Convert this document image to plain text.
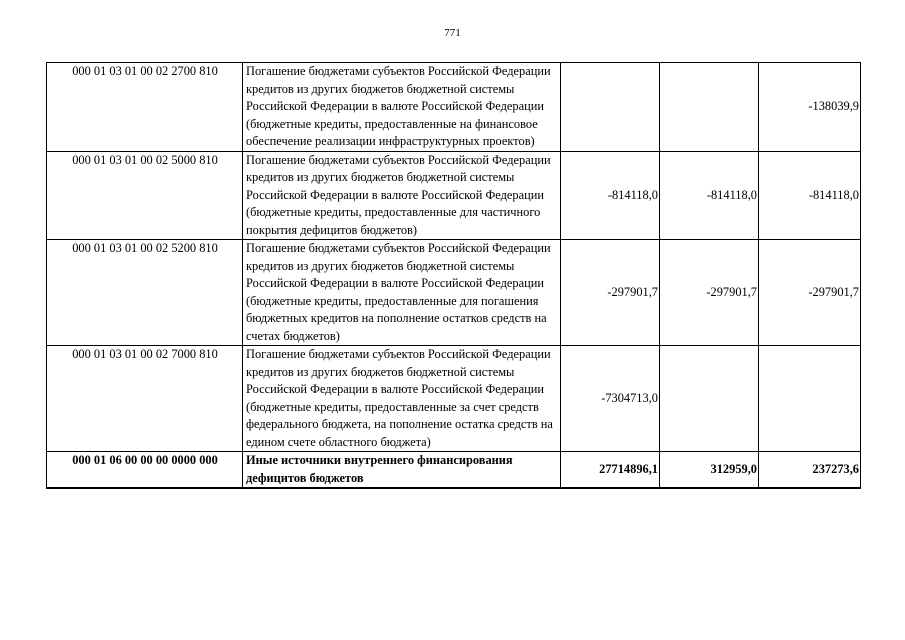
771
000 01 03 01 00 02 2700 810	Погашение бюджетами субъектов Российской Федерации кредитов из других бюджетов бюджетной системы Российской Федерации в валюте Российской Федерации (бюджетные кредиты, предоставленные на финансовое обеспечение реализации инфраструктурных проектов)			-138039,9
000 01 03 01 00 02 5000 810	Погашение бюджетами субъектов Российской Федерации кредитов из других бюджетов бюджетной системы Российской Федерации в валюте Российской Федерации (бюджетные кредиты, предоставленные для частичного покрытия дефицитов бюджетов)	-814118,0	-814118,0	-814118,0
000 01 03 01 00 02 5200 810	Погашение бюджетами субъектов Российской Федерации кредитов из других бюджетов бюджетной системы Российской Федерации в валюте Российской Федерации (бюджетные кредиты, предоставленные для погашения бюджетных кредитов на пополнение остатков средств на счетах бюджетов)	-297901,7	-297901,7	-297901,7
000 01 03 01 00 02 7000 810	Погашение бюджетами субъектов Российской Федерации кредитов из других бюджетов бюджетной системы Российской Федерации в валюте Российской Федерации (бюджетные кредиты, предоставленные за счет средств федерального бюджета, на пополнение остатка средств на едином счете областного бюджета)	-7304713,0		
000 01 06 00 00 00 0000 000	Иные источники внутреннего финансирования дефицитов бюджетов	27714896,1	312959,0	237273,6
